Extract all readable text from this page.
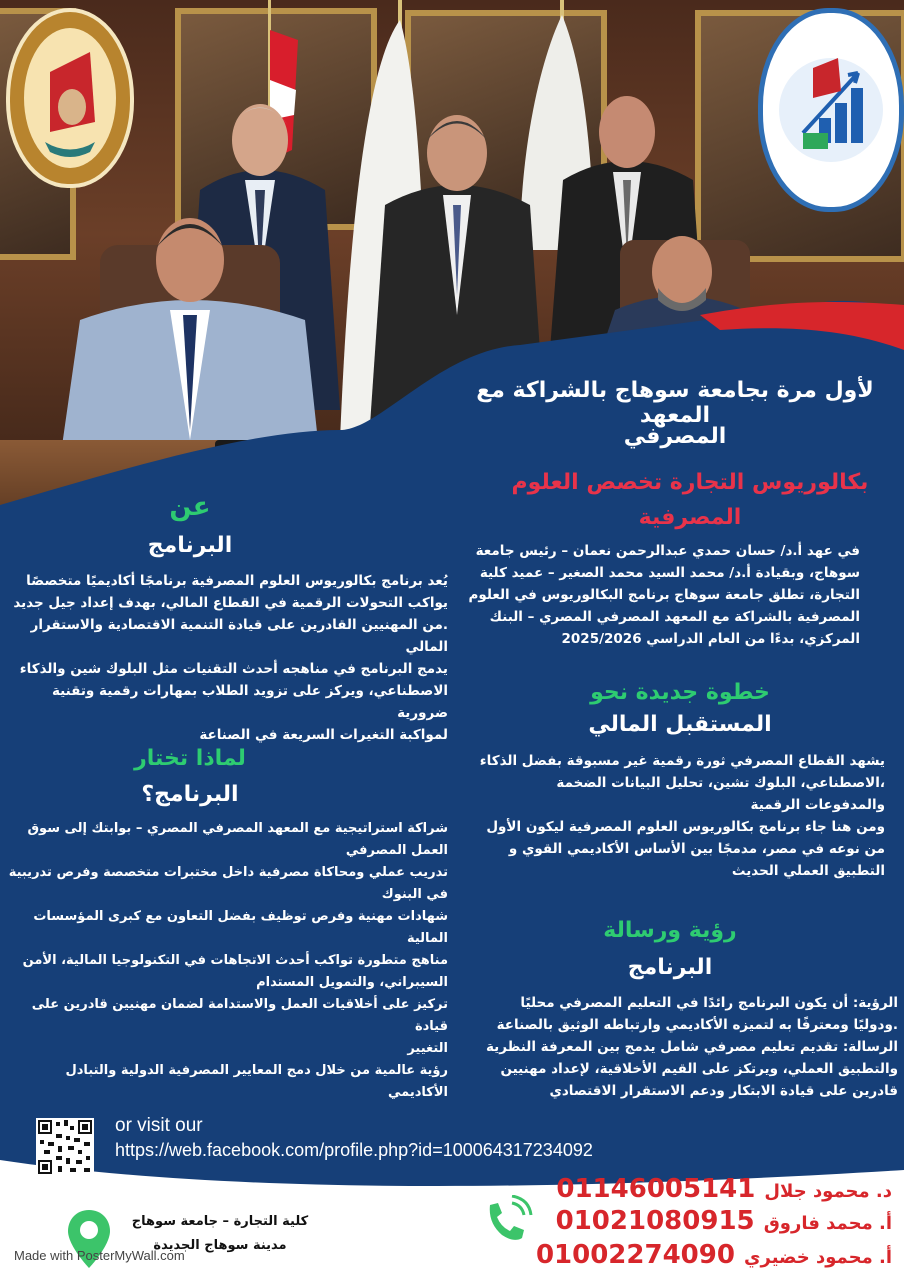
لأول مرة بجامعة سوهاج بالشراكة مع المعهد
المصرفي
بكالوريوس التجارة تخصص العلوم
المصرفية
في عهد أ.د/ حسان حمدي عبدالرحمن نعمان – رئيس جامعة
سوهاج، وبقيادة أ.د/ محمد السيد محمد الصغير – عميد كلية
التجارة، تطلق جامعة سوهاج برنامج البكالوريوس في العلوم
المصرفية بالشراكة مع المعهد المصرفي المصري – البنك
المركزي، بدءًا من العام الدراسي 2025/2026
خطوة جديدة نحو
المستقبل المالي
يشهد القطاع المصرفي ثورة رقمية غير مسبوقة بفضل الذكاء
،الاصطناعي، البلوك تشين، تحليل البيانات الضخمة
والمدفوعات الرقمية
ومن هنا جاء برنامج بكالوريوس العلوم المصرفية ليكون الأول
من نوعه في مصر، مدمجًا بين الأساس الأكاديمي القوي و
التطبيق العملي الحديث
رؤية ورسالة
البرنامج
الرؤية: أن يكون البرنامج رائدًا في التعليم المصرفي محليًا
.ودوليًا ومعترفًا به لتميزه الأكاديمي وارتباطه الوثيق بالصناعة
الرسالة: تقديم تعليم مصرفي شامل يدمج بين المعرفة النظرية
والتطبيق العملي، ويرتكز على القيم الأخلاقية، لإعداد مهنيين
قادرين على قيادة الابتكار ودعم الاستقرار الاقتصادي
عن
البرنامج
يُعد برنامج بكالوريوس العلوم المصرفية برنامجًا أكاديميًا متخصصًا
يواكب التحولات الرقمية في القطاع المالي، بهدف إعداد جيل جديد
.من المهنيين القادرين على قيادة التنمية الاقتصادية والاستقرار المالي
يدمج البرنامج في مناهجه أحدث التقنيات مثل البلوك شين والذكاء
الاصطناعي، ويركز على تزويد الطلاب بمهارات رقمية وتقنية ضرورية
لمواكبة التغيرات السريعة في الصناعة
لماذا تختار
البرنامج؟
شراكة استراتيجية مع المعهد المصرفي المصري – بوابتك إلى سوق
العمل المصرفي
تدريب عملي ومحاكاة مصرفية داخل مختبرات متخصصة وفرص تدريبية
في البنوك
شهادات مهنية وفرص توظيف بفضل التعاون مع كبرى المؤسسات
المالية
مناهج متطورة تواكب أحدث الاتجاهات في التكنولوجيا المالية، الأمن
السيبراني، والتمويل المستدام
تركيز على أخلاقيات العمل والاستدامة لضمان مهنيين قادرين على قيادة
التغيير
رؤية عالمية من خلال دمج المعايير المصرفية الدولية والتبادل الأكاديمي
or visit our
https://web.facebook.com/profile.php?id=100064317234092
كلية التجارة – جامعة سوهاج
مدينة سوهاج الجديدة
Made with PosterMyWall.com
د. محمود جلال 01146005141
أ. محمد فاروق 01021080915
أ. محمود خضيري 01002274090
